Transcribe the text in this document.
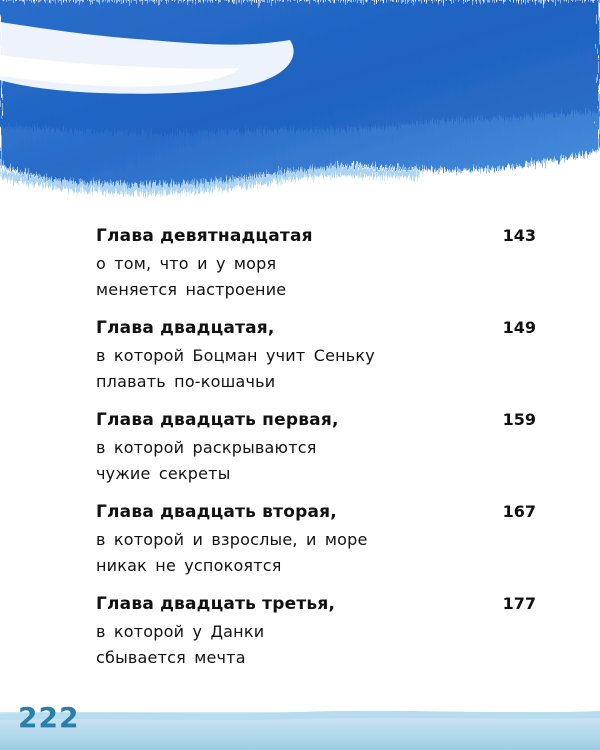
Глава девятнадцатая	143
о том, что и у моря
меняется настроение
Глава двадцатая,	149
в которой Боцман учит Сеньку
плавать по-кошачьи
Глава двадцать первая,	159
в которой раскрываются
чужие секреты
Глава двадцать вторая,	167
в которой и взрослые, и море
никак не успокоятся
Глава двадцать третья,	177
в которой у Данки
сбывается мечта
222
